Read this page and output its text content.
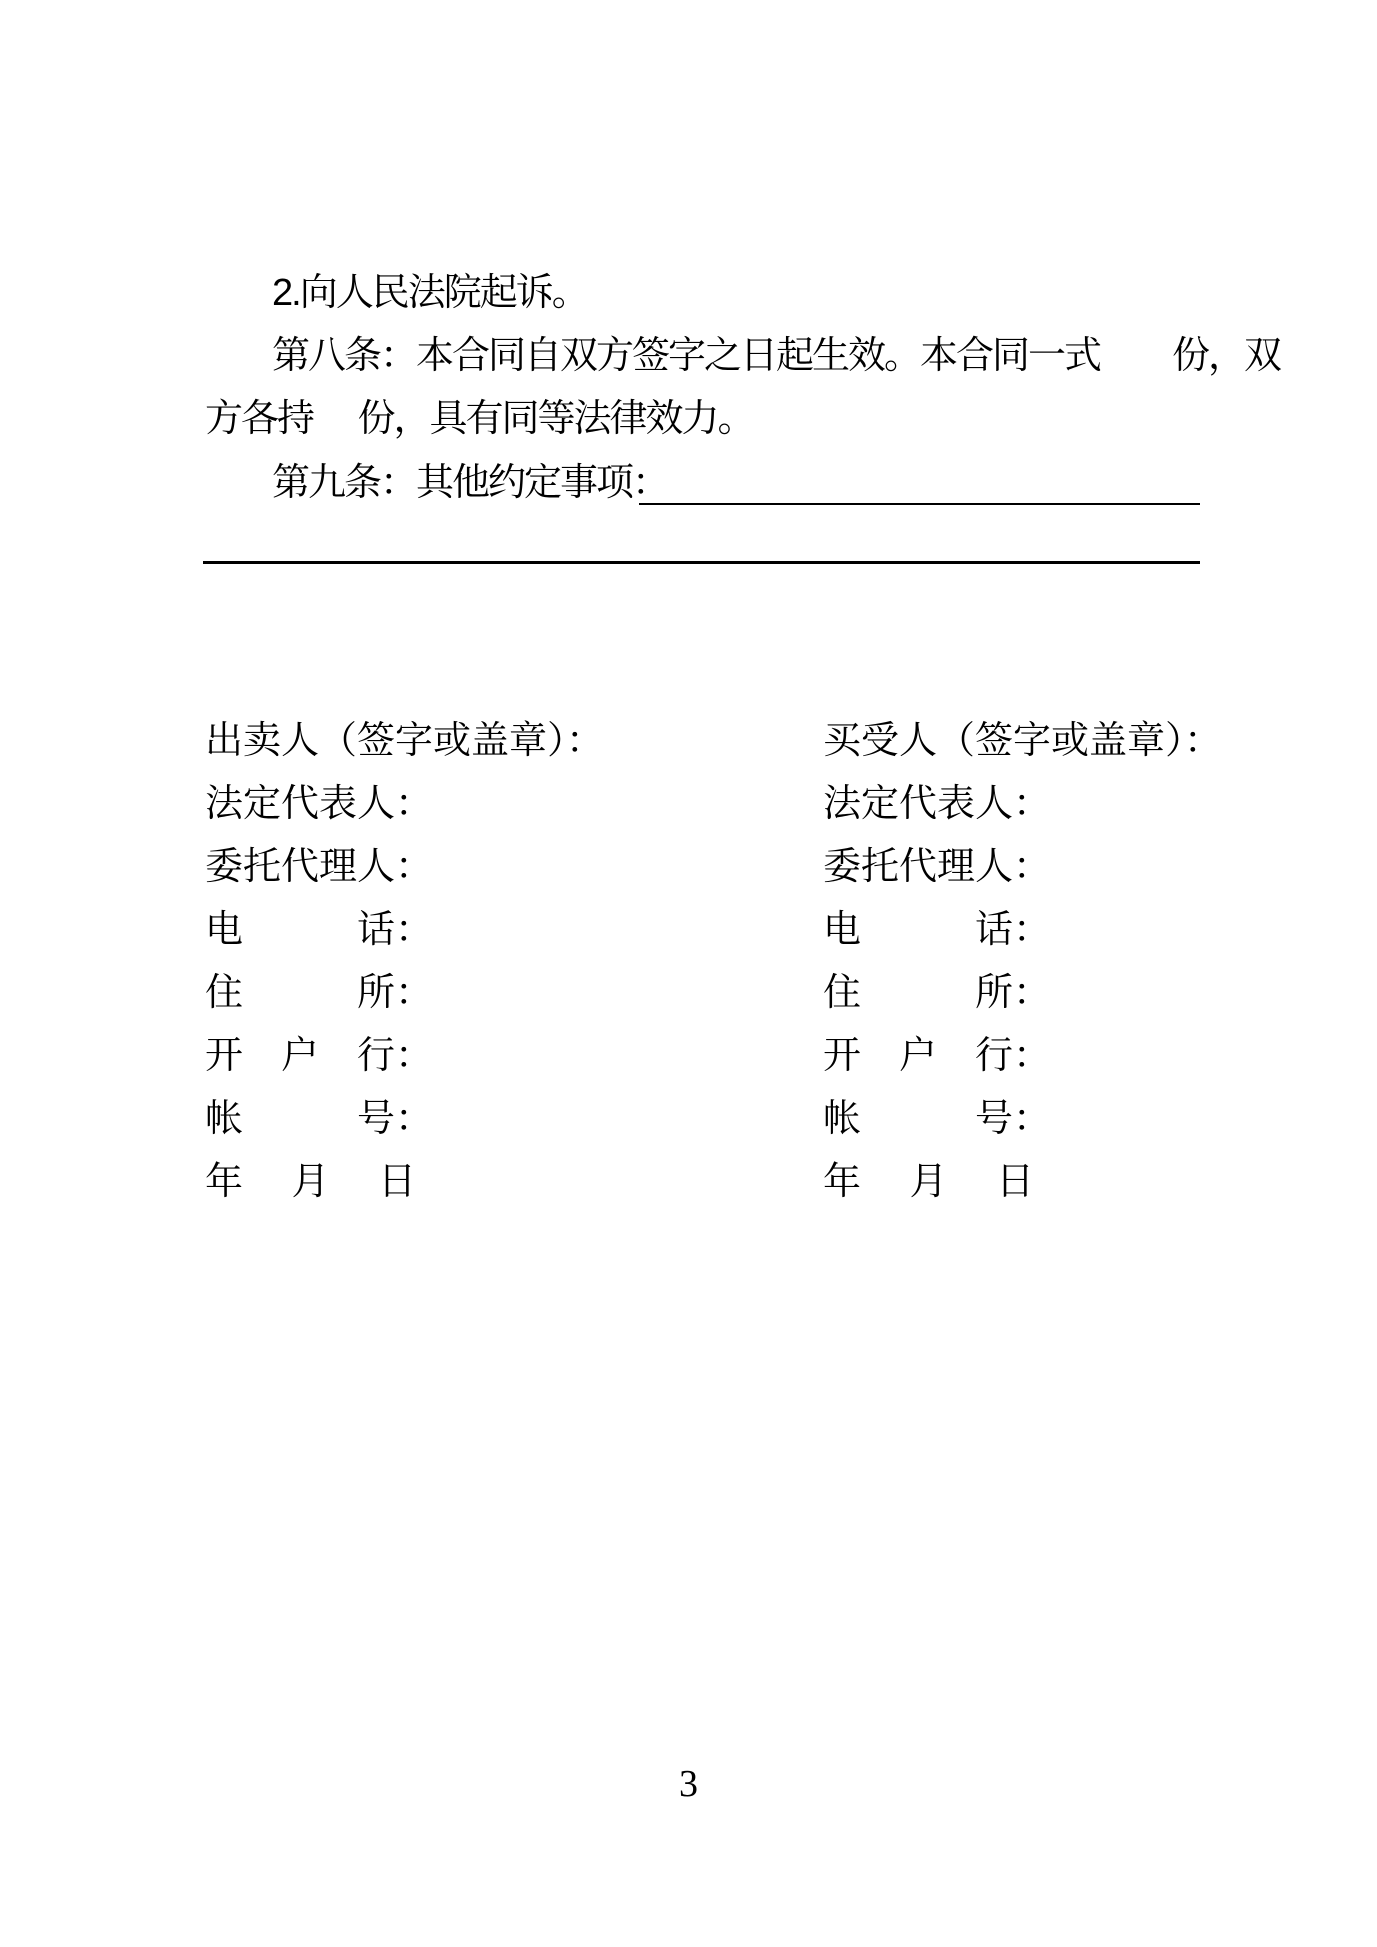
2.向人民法院起诉。
第八条：本合同自双方签字之日起生效。本合同一式　　份，双
方各持　 份，具有同等法律效力。
第九条：其他约定事项：
出卖人（签字或盖章）：
法定代表人：
委托代理人：
电　　　话：
住　　　所：
开　户　行：
帐　　　号：
年　 月　 日
买受人（签字或盖章）：
法定代表人：
委托代理人：
电　　　话：
住　　　所：
开　户　行：
帐　　　号：
年　 月　 日
3
